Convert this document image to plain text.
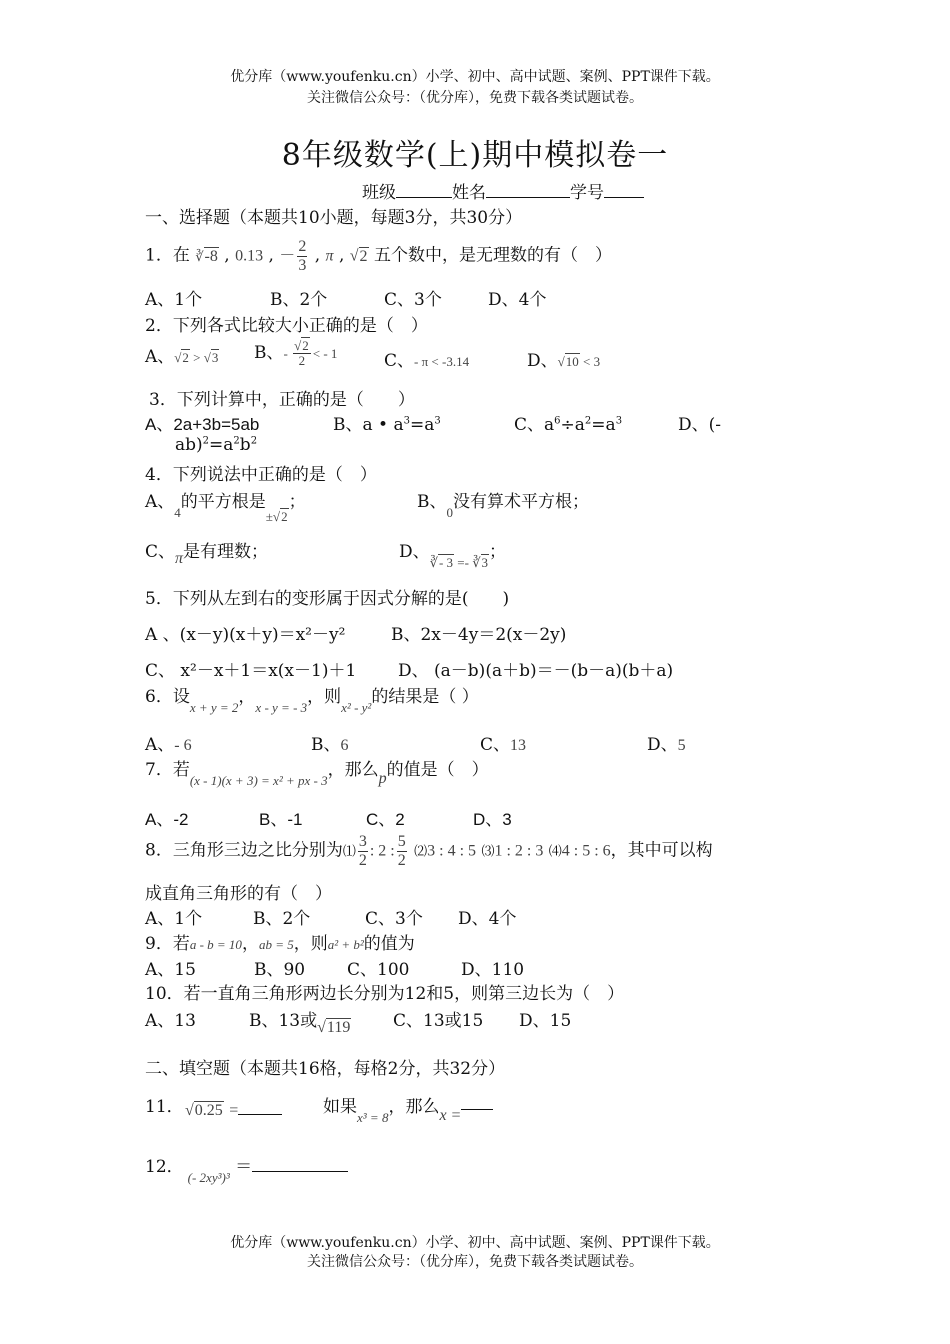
优分库（www.youfenku.cn）小学、初中、高中试题、案例、PPT课件下载。
关注微信公众号：（优分库），免费下载各类试题试卷。
8年级数学(上)期中模拟卷一
班级	姓名	学号
一、选择题（本题共10小题，每题3分，共30分）
1．在 ∛-8 , 0.13 , － $\frac{2}{3}$ , π , √2 五个数中，是无理数的有（　）
A、1个	B、2个	C、3个	D、4个
2．下列各式比较大小正确的是（　）
A、√2 > √3 B、- $\frac{√2}{2}$ < - 1	C、- π < -3.14	D、√10 < 3
3．下列计算中，正确的是（　　）
A、2a+3b=5ab	B、a • $a^3=a^3$	C、$a^6\div a^2=a^3$	D、(-
$ab)^2=a^2b^2$
4．下列说法中正确的是（　）
A、$_4$的平方根是$_{\pm√2}$；	B、$_0$没有算术平方根；
C、π是有理数；	D、$_{∛- 3 =- ∛3}$；
5．下列从左到右的变形属于因式分解的是(　　)
A 、(x－y)(x＋y)＝x²－y²	B、2x－4y＝2(x－2y)
C、 x²－x＋1＝x(x－1)＋1 D、 (a－b)(a＋b)＝－(b－a)(b＋a)
6．设$_{x + y = 2}$，$_{x - y = - 3}$，则$_{x^2 - y^2}$的结果是（ ）
A、- 6	B、6	C、13	D、5
7．若$_{(x - 1)(x + 3) = x^2 + px - 3}$，那么p的值是（　）
A、-2	B、-1	C、2	D、3
8．三角形三边之比分别为⑴ $\frac{3}{2}$ : 2 : $\frac{5}{2}$ ⑵3 : 4 : 5 ⑶1 : 2 : 3 ⑷4 : 5 : 6，其中可以构
成直角三角形的有（　）
A、1个	B、2个	C、3个 D、4个
9．若a - b = 10，ab = 5，则a² + b²的值为
A、15	B、90 C、100	D、110
10．若一直角三角形两边长分别为12和5，则第三边长为（　）
A、13	B、13或√119	C、13或15 D、15
二、填空题（本题共16格，每格2分，共32分）
11． √0.25 =	如果$_{x^3 = 8}$，那么x =
12．$_{(- 2xy^3)^3}$ ＝
优分库（www.youfenku.cn）小学、初中、高中试题、案例、PPT课件下载。
关注微信公众号：（优分库），免费下载各类试题试卷。
